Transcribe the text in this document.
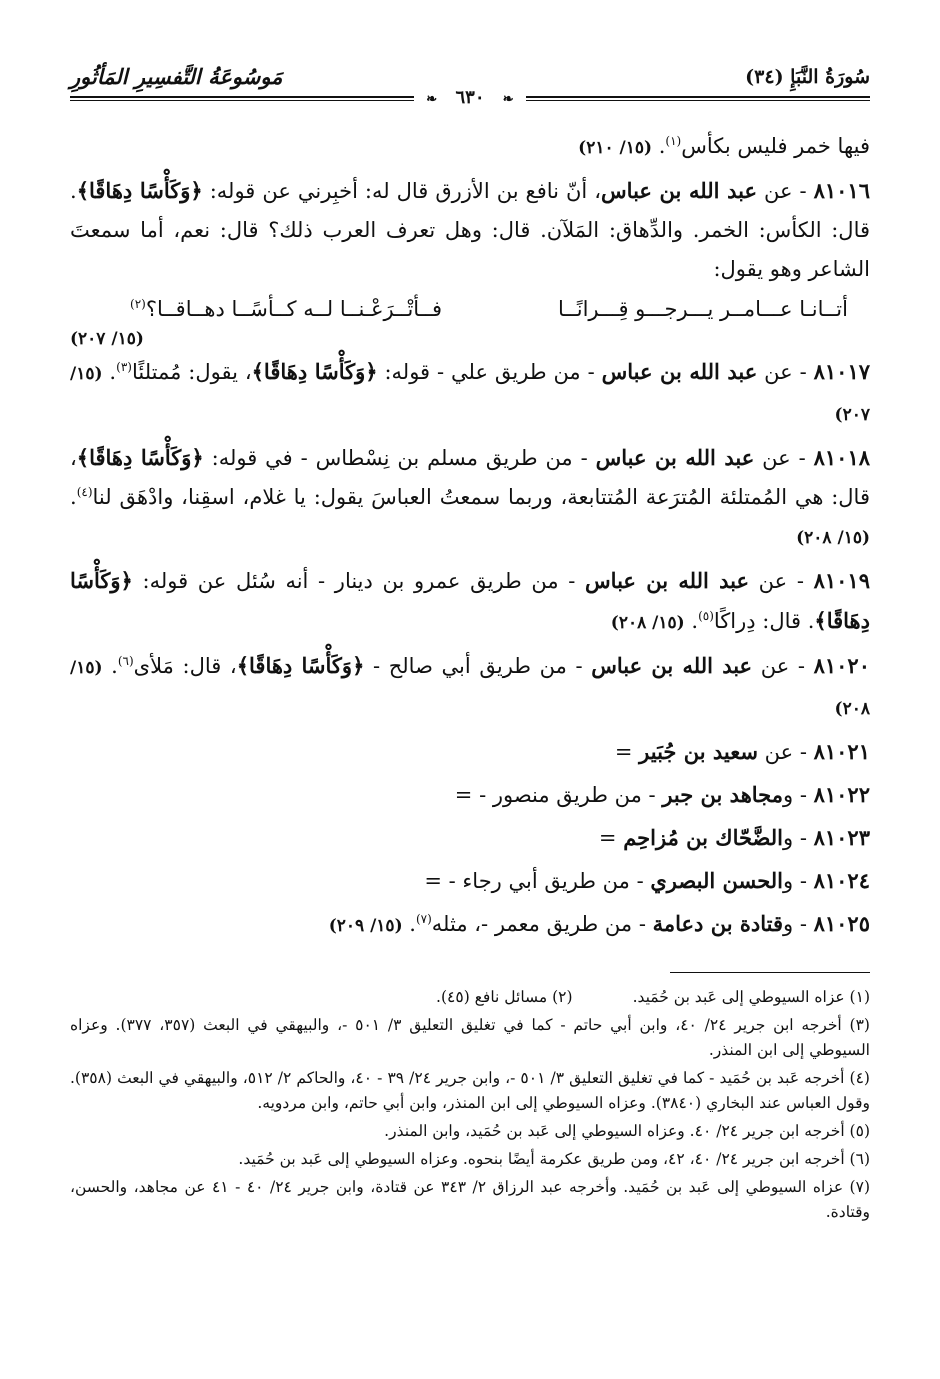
سُورَةُ النَّبَإِ (٣٤)
مَوسُوعَةُ التَّفسِيرِ المَأثُورِ
❧ ٦٣٠ ❧

فيها خمر فليس بكأس$^{(١)}$. (١٥/ ٢١٠)

٨١٠١٦ - عن عبد الله بن عباس، أنّ نافع بن الأزرق قال له: أخبِرني عن قوله: ﴿وَكَأْسًا دِهَاقًا﴾. قال: الكأس: الخمر. والدِّهاق: المَلآن. قال: وهل تعرف العرب ذلك؟ قال: نعم، أما سمعتَ الشاعر وهو يقول:

أتــانـا عـــامــر يـــرجـــو قِـــرانًــا
فــأتْــرَعْـنــا لــه كــأسًــا دهــاقــا؟$^{(٢)}$
(١٥/ ٢٠٧)

٨١٠١٧ - عن عبد الله بن عباس - من طريق علي - قوله: ﴿وَكَأْسًا دِهَاقًا﴾، يقول: مُمتلئًا$^{(٣)}$. (١٥/ ٢٠٧)

٨١٠١٨ - عن عبد الله بن عباس - من طريق مسلم بن نِسْطاس - في قوله: ﴿وَكَأْسًا دِهَاقًا﴾، قال: هي المُمتلئة المُترَعة المُتتابعة، وربما سمعتُ العباسَ يقول: يا غلام، اسقِنا، وادْهَق لنا$^{(٤)}$. (١٥/ ٢٠٨)

٨١٠١٩ - عن عبد الله بن عباس - من طريق عمرو بن دينار - أنه سُئل عن قوله: ﴿وَكَأْسًا دِهَاقًا﴾. قال: دِراكًا$^{(٥)}$. (١٥/ ٢٠٨)

٨١٠٢٠ - عن عبد الله بن عباس - من طريق أبي صالح - ﴿وَكَأْسًا دِهَاقًا﴾، قال: مَلأى$^{(٦)}$. (١٥/ ٢٠٨)

٨١٠٢١ - عن سعيد بن جُبَير =

٨١٠٢٢ - ومجاهد بن جبر - من طريق منصور - =

٨١٠٢٣ - والضَّحّاك بن مُزاحِم =

٨١٠٢٤ - والحسن البصري - من طريق أبي رجاء - =

٨١٠٢٥ - وقتادة بن دعامة - من طريق معمر -، مثله$^{(٧)}$. (١٥/ ٢٠٩)

(١) عزاه السيوطي إلى عَبد بن حُمَيد.
(٢) مسائل نافع (٤٥).

(٣) أخرجه ابن جرير ٢٤/ ٤٠، وابن أبي حاتم - كما في تغليق التعليق ٣/ ٥٠١ -، والبيهقي في البعث (٣٥٧، ٣٧٧). وعزاه السيوطي إلى ابن المنذر.

(٤) أخرجه عَبد بن حُمَيد - كما في تغليق التعليق ٣/ ٥٠١ -، وابن جرير ٢٤/ ٣٩ - ٤٠، والحاكم ٢/ ٥١٢، والبيهقي في البعث (٣٥٨). وقول العباس عند البخاري (٣٨٤٠). وعزاه السيوطي إلى ابن المنذر، وابن أبي حاتم، وابن مردويه.

(٥) أخرجه ابن جرير ٢٤/ ٤٠. وعزاه السيوطي إلى عَبد بن حُمَيد، وابن المنذر.

(٦) أخرجه ابن جرير ٢٤/ ٤٠، ٤٢، ومن طريق عكرمة أيضًا بنحوه. وعزاه السيوطي إلى عَبد بن حُمَيد.

(٧) عزاه السيوطي إلى عَبد بن حُمَيد. وأخرجه عبد الرزاق ٢/ ٣٤٣ عن قتادة، وابن جرير ٢٤/ ٤٠ - ٤١ عن مجاهد، والحسن، وقتادة.
